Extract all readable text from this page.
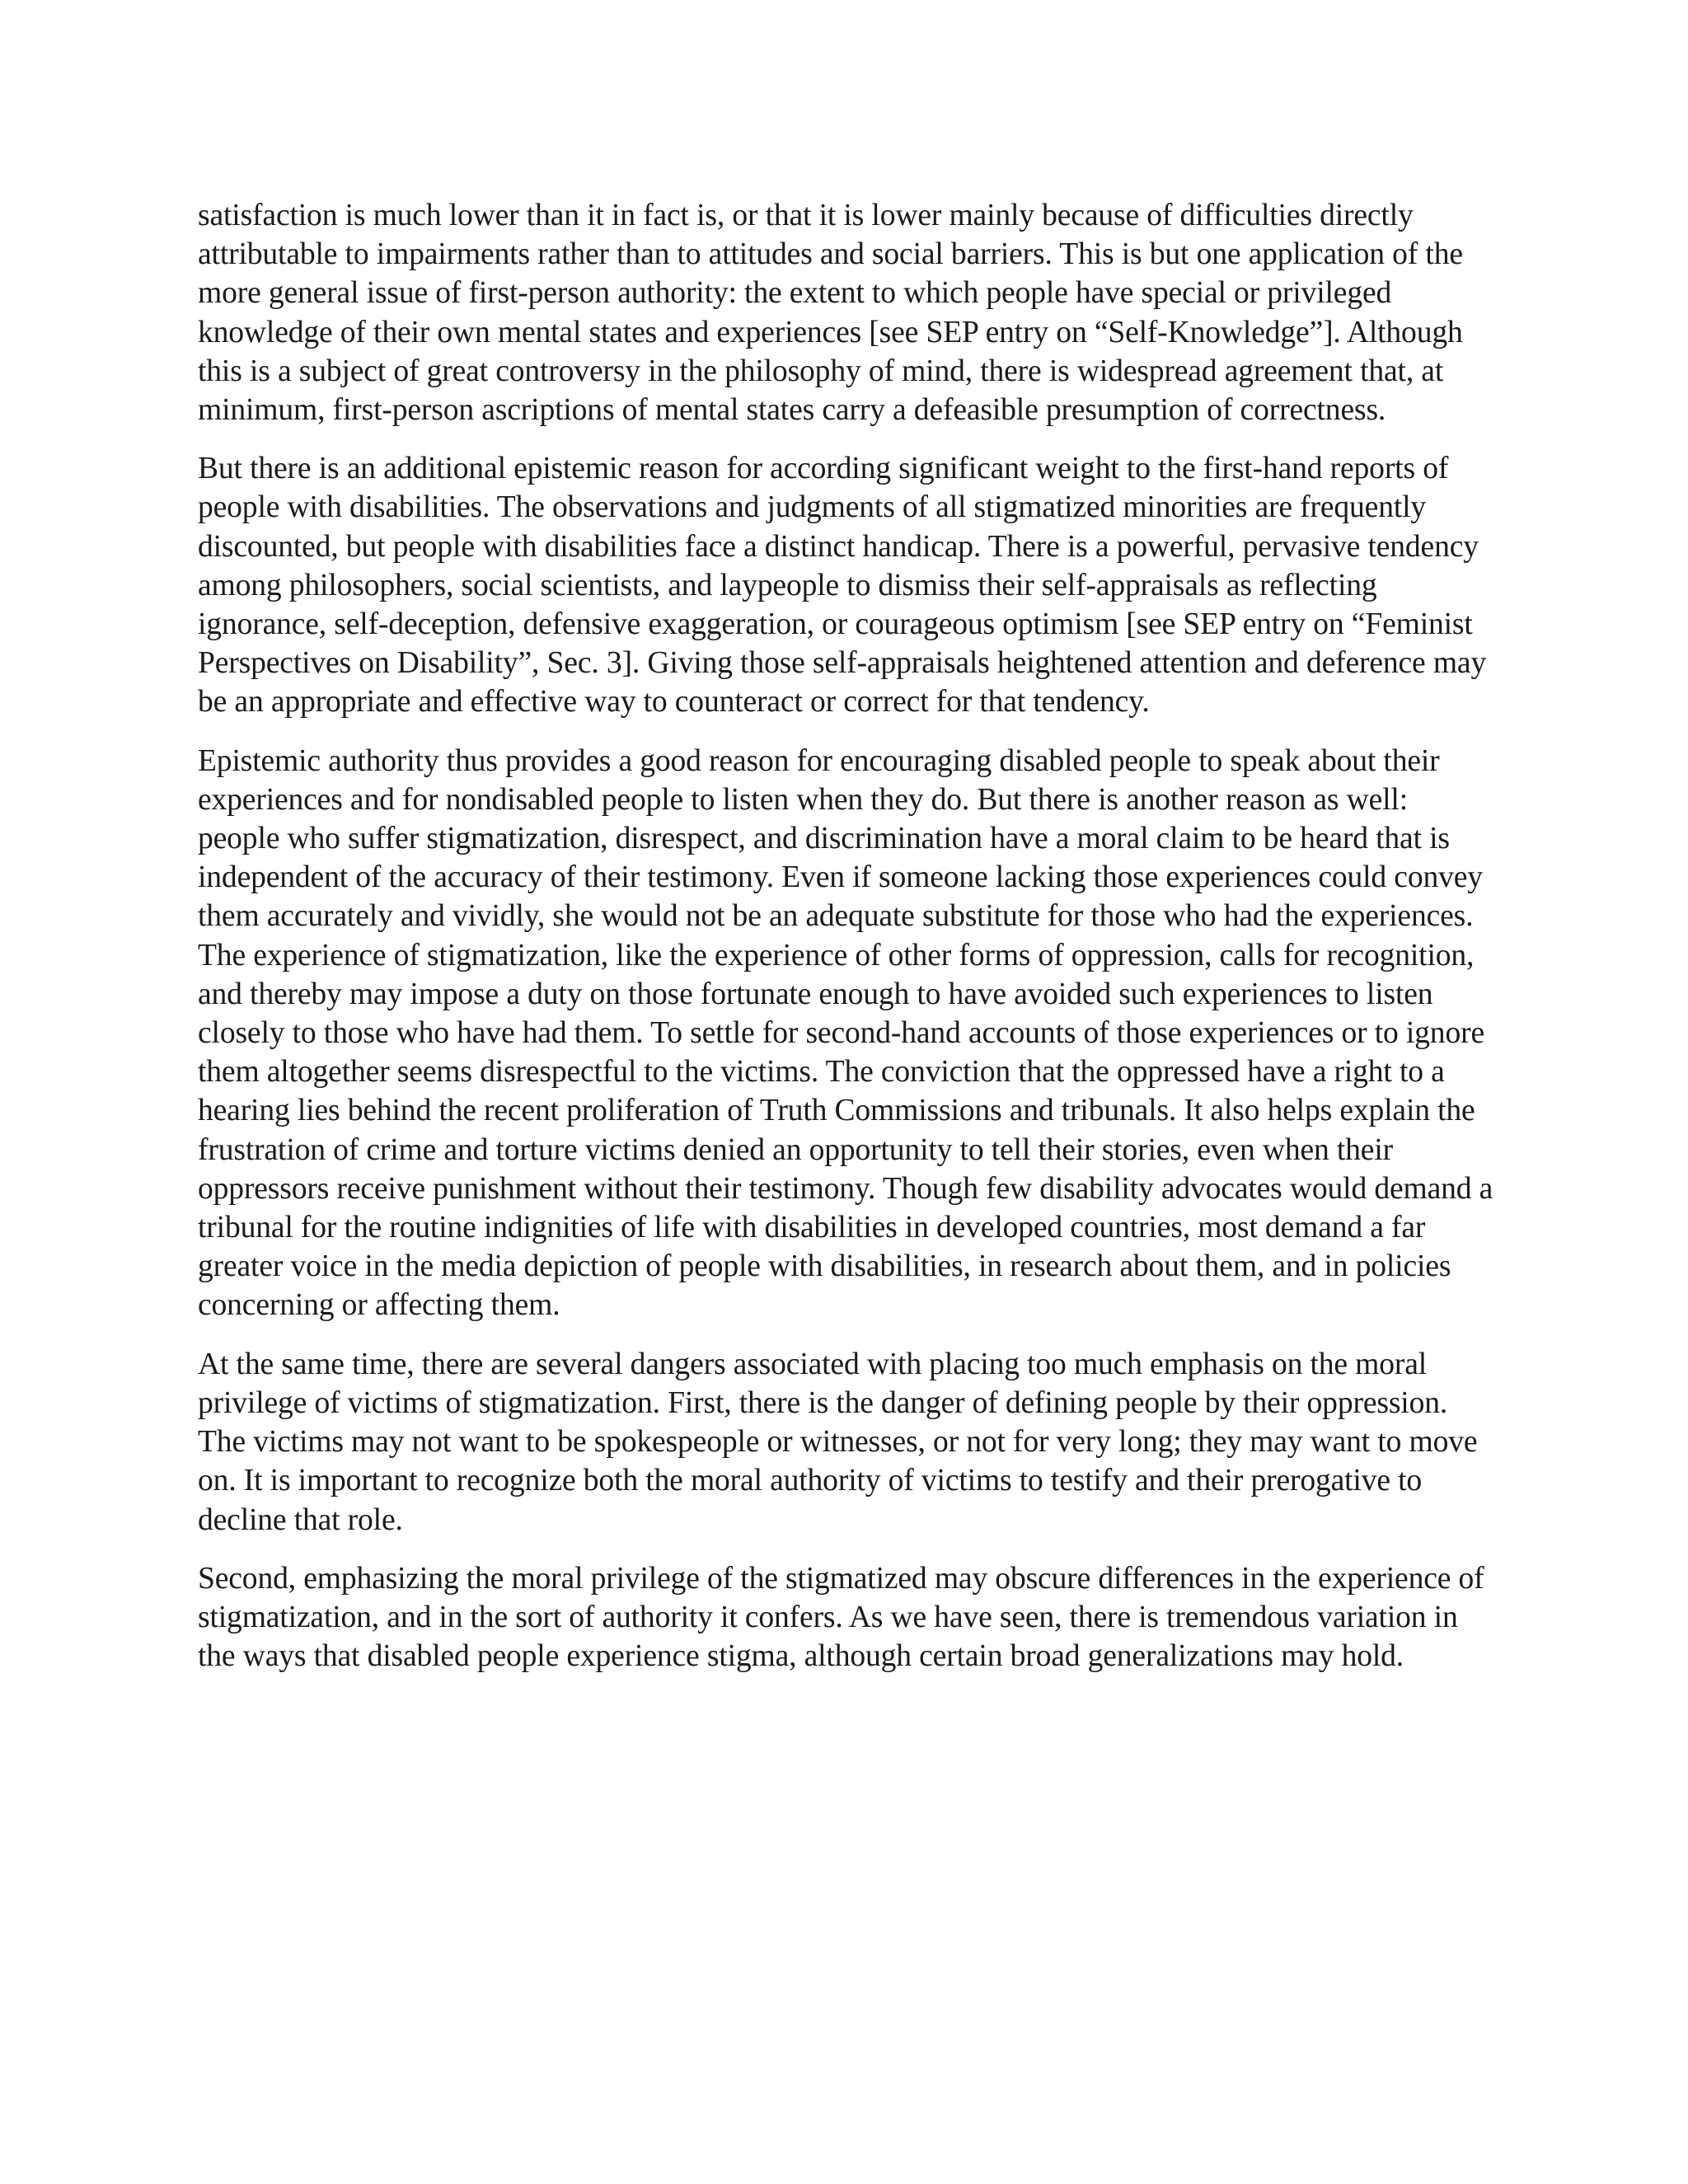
satisfaction is much lower than it in fact is, or that it is lower mainly because of difficulties directly attributable to impairments rather than to attitudes and social barriers. This is but one application of the more general issue of first-person authority: the extent to which people have special or privileged knowledge of their own mental states and experiences [see SEP entry on “Self-Knowledge”]. Although this is a subject of great controversy in the philosophy of mind, there is widespread agreement that, at minimum, first-person ascriptions of mental states carry a defeasible presumption of correctness.

But there is an additional epistemic reason for according significant weight to the first-hand reports of people with disabilities. The observations and judgments of all stigmatized minorities are frequently discounted, but people with disabilities face a distinct handicap. There is a powerful, pervasive tendency among philosophers, social scientists, and laypeople to dismiss their self-appraisals as reflecting ignorance, self-deception, defensive exaggeration, or courageous optimism [see SEP entry on “Feminist Perspectives on Disability”, Sec. 3]. Giving those self-appraisals heightened attention and deference may be an appropriate and effective way to counteract or correct for that tendency.

Epistemic authority thus provides a good reason for encouraging disabled people to speak about their experiences and for nondisabled people to listen when they do. But there is another reason as well: people who suffer stigmatization, disrespect, and discrimination have a moral claim to be heard that is independent of the accuracy of their testimony. Even if someone lacking those experiences could convey them accurately and vividly, she would not be an adequate substitute for those who had the experiences. The experience of stigmatization, like the experience of other forms of oppression, calls for recognition, and thereby may impose a duty on those fortunate enough to have avoided such experiences to listen closely to those who have had them. To settle for second-hand accounts of those experiences or to ignore them altogether seems disrespectful to the victims. The conviction that the oppressed have a right to a hearing lies behind the recent proliferation of Truth Commissions and tribunals. It also helps explain the frustration of crime and torture victims denied an opportunity to tell their stories, even when their oppressors receive punishment without their testimony. Though few disability advocates would demand a tribunal for the routine indignities of life with disabilities in developed countries, most demand a far greater voice in the media depiction of people with disabilities, in research about them, and in policies concerning or affecting them.

At the same time, there are several dangers associated with placing too much emphasis on the moral privilege of victims of stigmatization. First, there is the danger of defining people by their oppression. The victims may not want to be spokespeople or witnesses, or not for very long; they may want to move on. It is important to recognize both the moral authority of victims to testify and their prerogative to decline that role.

Second, emphasizing the moral privilege of the stigmatized may obscure differences in the experience of stigmatization, and in the sort of authority it confers. As we have seen, there is tremendous variation in the ways that disabled people experience stigma, although certain broad generalizations may hold.
